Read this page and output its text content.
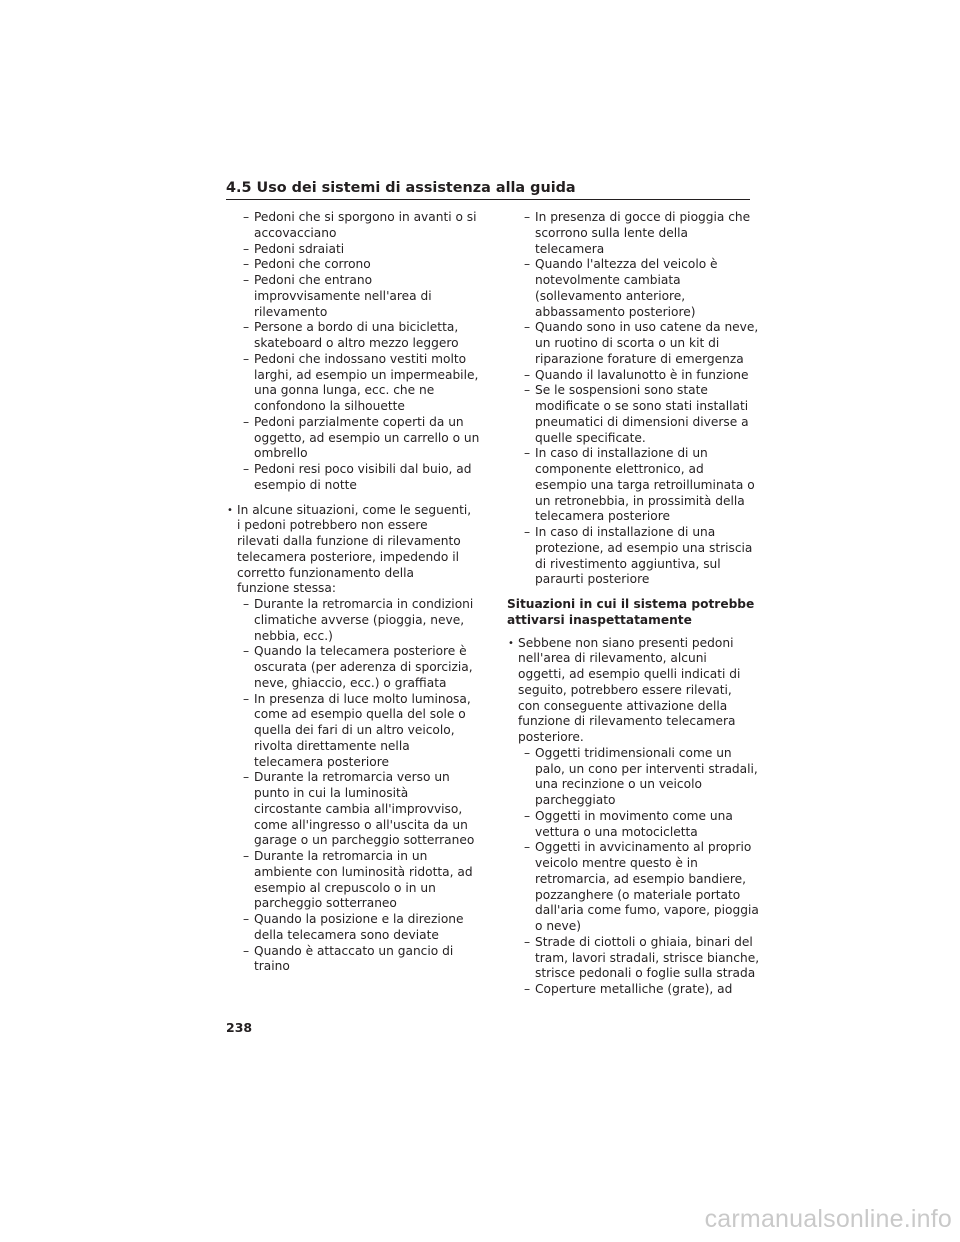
4.5 Uso dei sistemi di assistenza alla guida
– Pedoni che si sporgono in avanti o si
accovacciano
– Pedoni sdraiati
– Pedoni che corrono
– Pedoni che entrano
improvvisamente nell'area di
rilevamento
– Persone a bordo di una bicicletta,
skateboard o altro mezzo leggero
– Pedoni che indossano vestiti molto
larghi, ad esempio un impermeabile,
una gonna lunga, ecc. che ne
confondono la silhouette
– Pedoni parzialmente coperti da un
oggetto, ad esempio un carrello o un
ombrello
– Pedoni resi poco visibili dal buio, ad
esempio di notte
• In alcune situazioni, come le seguenti,
i pedoni potrebbero non essere
rilevati dalla funzione di rilevamento
telecamera posteriore, impedendo il
corretto funzionamento della
funzione stessa:
– Durante la retromarcia in condizioni
climatiche avverse (pioggia, neve,
nebbia, ecc.)
– Quando la telecamera posteriore è
oscurata (per aderenza di sporcizia,
neve, ghiaccio, ecc.) o graffiata
– In presenza di luce molto luminosa,
come ad esempio quella del sole o
quella dei fari di un altro veicolo,
rivolta direttamente nella
telecamera posteriore
– Durante la retromarcia verso un
punto in cui la luminosità
circostante cambia all'improvviso,
come all'ingresso o all'uscita da un
garage o un parcheggio sotterraneo
– Durante la retromarcia in un
ambiente con luminosità ridotta, ad
esempio al crepuscolo o in un
parcheggio sotterraneo
– Quando la posizione e la direzione
della telecamera sono deviate
– Quando è attaccato un gancio di
traino
– In presenza di gocce di pioggia che
scorrono sulla lente della
telecamera
– Quando l'altezza del veicolo è
notevolmente cambiata
(sollevamento anteriore,
abbassamento posteriore)
– Quando sono in uso catene da neve,
un ruotino di scorta o un kit di
riparazione forature di emergenza
– Quando il lavalunotto è in funzione
– Se le sospensioni sono state
modificate o se sono stati installati
pneumatici di dimensioni diverse a
quelle specificate.
– In caso di installazione di un
componente elettronico, ad
esempio una targa retroilluminata o
un retronebbia, in prossimità della
telecamera posteriore
– In caso di installazione di una
protezione, ad esempio una striscia
di rivestimento aggiuntiva, sul
paraurti posteriore
Situazioni in cui il sistema potrebbe
attivarsi inaspettatamente
• Sebbene non siano presenti pedoni
nell'area di rilevamento, alcuni
oggetti, ad esempio quelli indicati di
seguito, potrebbero essere rilevati,
con conseguente attivazione della
funzione di rilevamento telecamera
posteriore.
– Oggetti tridimensionali come un
palo, un cono per interventi stradali,
una recinzione o un veicolo
parcheggiato
– Oggetti in movimento come una
vettura o una motocicletta
– Oggetti in avvicinamento al proprio
veicolo mentre questo è in
retromarcia, ad esempio bandiere,
pozzanghere (o materiale portato
dall'aria come fumo, vapore, pioggia
o neve)
– Strade di ciottoli o ghiaia, binari del
tram, lavori stradali, strisce bianche,
strisce pedonali o foglie sulla strada
– Coperture metalliche (grate), ad

238

carmanualsonline.info
